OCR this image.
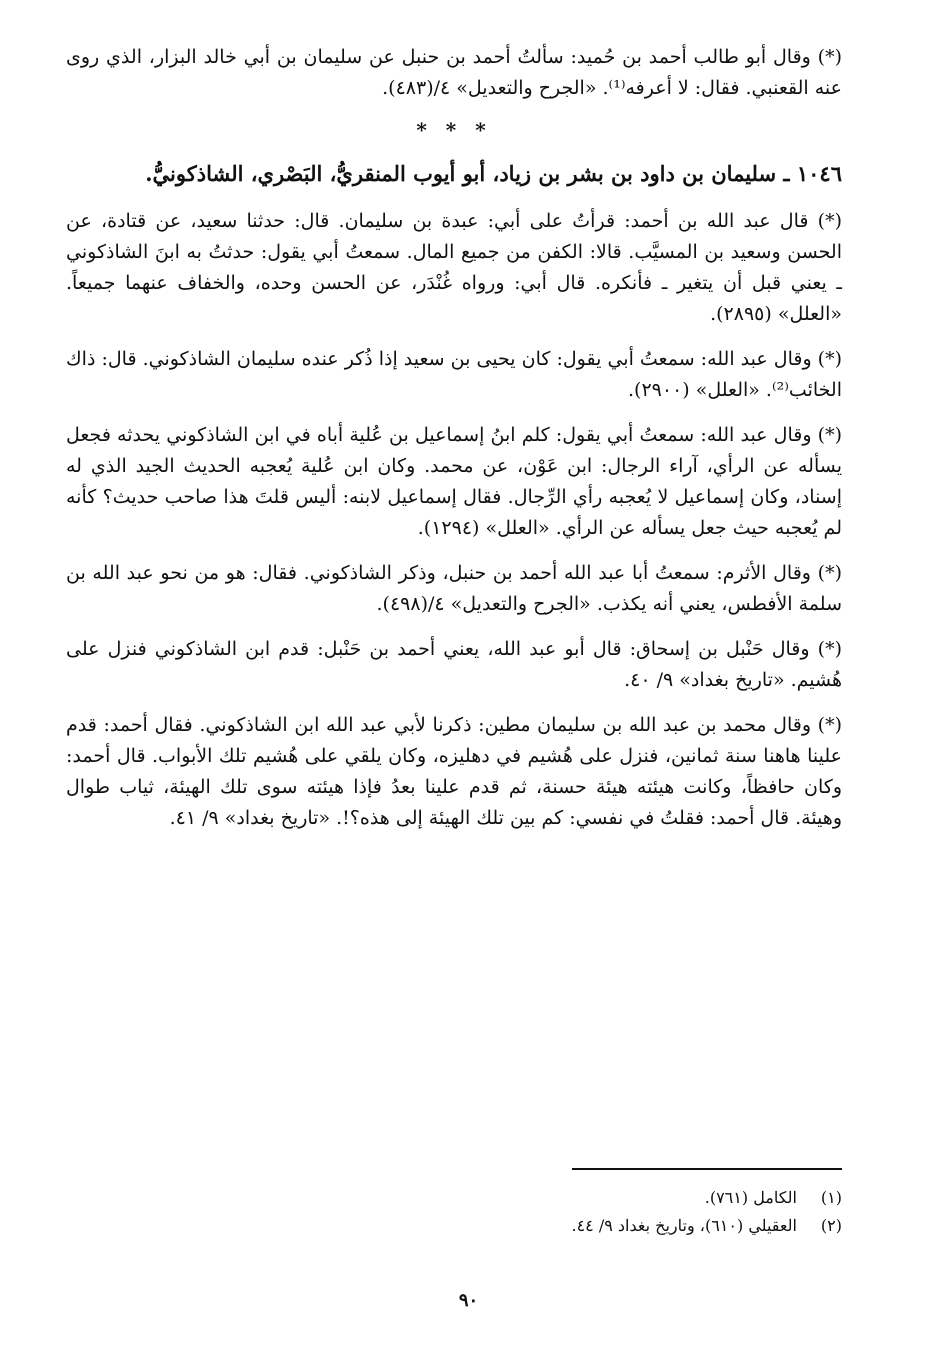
(*) وقال أبو طالب أحمد بن حُميد: سألتُ أحمد بن حنبل عن سليمان بن أبي خالد البزار، الذي روى عنه القعنبي. فقال: لا أعرفه⁽¹⁾. «الجرح والتعديل» ٤/(٤٨٣).

* * *
١٠٤٦ ـ سليمان بن داود بن بشر بن زياد، أبو أيوب المنقريُّ، البَصْري، الشاذكونيُّ.

(*) قال عبد الله بن أحمد: قرأتُ على أبي: عبدة بن سليمان. قال: حدثنا سعيد، عن قتادة، عن الحسن وسعيد بن المسيَّب. قالا: الكفن من جميع المال. سمعتُ أبي يقول: حدثتُ به ابنَ الشاذكوني ـ يعني قبل أن يتغير ـ فأنكره. قال أبي: ورواه غُنْدَر، عن الحسن وحده، والخفاف عنهما جميعاً. «العلل» (٢٨٩٥).

(*) وقال عبد الله: سمعتُ أبي يقول: كان يحيى بن سعيد إذا ذُكر عنده سليمان الشاذكوني. قال: ذاك الخائب⁽²⁾. «العلل» (٢٩٠٠).

(*) وقال عبد الله: سمعتُ أبي يقول: كلم ابنُ إسماعيل بن عُلية أباه في ابن الشاذكوني يحدثه فجعل يسأله عن الرأي، آراء الرجال: ابن عَوْن، عن محمد. وكان ابن عُلية يُعجبه الحديث الجيد الذي له إسناد، وكان إسماعيل لا يُعجبه رأي الرِّجال. فقال إسماعيل لابنه: أليس قلتَ هذا صاحب حديث؟ كأنه لم يُعجبه حيث جعل يسأله عن الرأي. «العلل» (١٢٩٤).

(*) وقال الأثرم: سمعتُ أبا عبد الله أحمد بن حنبل، وذكر الشاذكوني. فقال: هو من نحو عبد الله بن سلمة الأفطس، يعني أنه يكذب. «الجرح والتعديل» ٤/(٤٩٨).

(*) وقال حَنْبل بن إسحاق: قال أبو عبد الله، يعني أحمد بن حَنْبل: قدم ابن الشاذكوني فنزل على هُشيم. «تاريخ بغداد» ٩/ ٤٠.

(*) وقال محمد بن عبد الله بن سليمان مطين: ذكرنا لأبي عبد الله ابن الشاذكوني. فقال أحمد: قدم علينا هاهنا سنة ثمانين، فنزل على هُشيم في دهليزه، وكان يلقي على هُشيم تلك الأبواب. قال أحمد: وكان حافظاً، وكانت هيئته هيئة حسنة، ثم قدم علينا بعدُ فإذا هيئته سوى تلك الهيئة، ثياب طوال وهيئة. قال أحمد: فقلتُ في نفسي: كم بين تلك الهيئة إلى هذه؟!. «تاريخ بغداد» ٩/ ٤١.

(١) الكامل (٧٦١).
(٢) العقيلي (٦١٠)، وتاريخ بغداد ٩/ ٤٤.
٩٠
